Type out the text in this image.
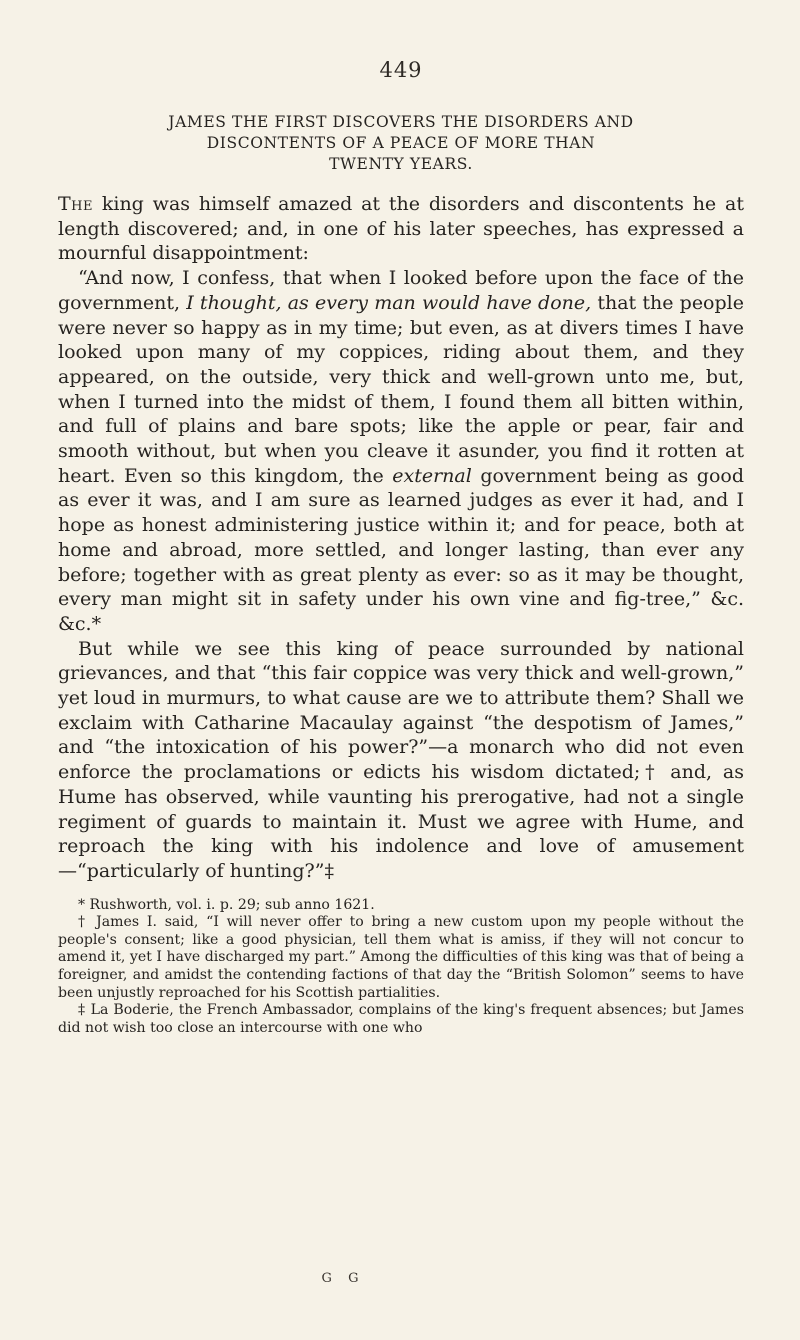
449
JAMES THE FIRST DISCOVERS THE DISORDERS AND
DISCONTENTS OF A PEACE OF MORE THAN
TWENTY YEARS.

The king was himself amazed at the disorders and discontents he at length discovered; and, in one of his later speeches, has expressed a mournful disappointment:

“And now, I confess, that when I looked before upon the face of the government, I thought, as every man would have done, that the people were never so happy as in my time; but even, as at divers times I have looked upon many of my coppices, riding about them, and they appeared, on the outside, very thick and well-grown unto me, but, when I turned into the midst of them, I found them all bitten within, and full of plains and bare spots; like the apple or pear, fair and smooth without, but when you cleave it asunder, you find it rotten at heart. Even so this kingdom, the external government being as good as ever it was, and I am sure as learned judges as ever it had, and I hope as honest administering justice within it; and for peace, both at home and abroad, more settled, and longer lasting, than ever any before; together with as great plenty as ever: so as it may be thought, every man might sit in safety under his own vine and fig-tree,” &c. &c.*

But while we see this king of peace surrounded by national grievances, and that “this fair coppice was very thick and well-grown,” yet loud in murmurs, to what cause are we to attribute them? Shall we exclaim with Catharine Macaulay against “the despotism of James,” and “the intoxication of his power?”—a monarch who did not even enforce the proclamations or edicts his wisdom dictated;† and, as Hume has observed, while vaunting his prerogative, had not a single regiment of guards to maintain it. Must we agree with Hume, and reproach the king with his indolence and love of amusement—“particularly of hunting?”‡

* Rushworth, vol. i. p. 29; sub anno 1621.

† James I. said, “I will never offer to bring a new custom upon my people without the people's consent; like a good physician, tell them what is amiss, if they will not concur to amend it, yet I have discharged my part.” Among the difficulties of this king was that of being a foreigner, and amidst the contending factions of that day the “British Solomon” seems to have been unjustly reproached for his Scottish partialities.

‡ La Boderie, the French Ambassador, complains of the king's frequent absences; but James did not wish too close an intercourse with one who

G G
